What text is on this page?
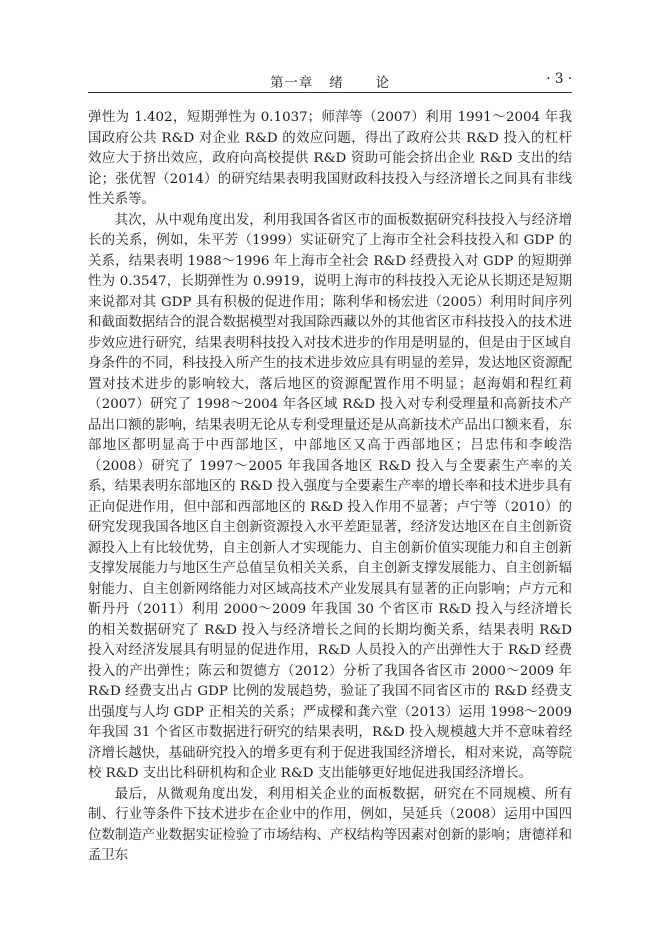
第一章   绪      论	· 3 ·

弹性为 1.402，短期弹性为 0.1037；师萍等（2007）利用 1991～2004 年我国政府公共 R&D 对企业 R&D 的效应问题，得出了政府公共 R&D 投入的杠杆效应大于挤出效应，政府向高校提供 R&D 资助可能会挤出企业 R&D 支出的结论；张优智（2014）的研究结果表明我国财政科技投入与经济增长之间具有非线性关系等。

其次，从中观角度出发，利用我国各省区市的面板数据研究科技投入与经济增长的关系，例如，朱平芳（1999）实证研究了上海市全社会科技投入和 GDP 的关系，结果表明 1988～1996 年上海市全社会 R&D 经费投入对 GDP 的短期弹性为 0.3547，长期弹性为 0.9919，说明上海市的科技投入无论从长期还是短期来说都对其 GDP 具有积极的促进作用；陈利华和杨宏进（2005）利用时间序列和截面数据结合的混合数据模型对我国除西藏以外的其他省区市科技投入的技术进步效应进行研究，结果表明科技投入对技术进步的作用是明显的，但是由于区域自身条件的不同，科技投入所产生的技术进步效应具有明显的差异，发达地区资源配置对技术进步的影响较大，落后地区的资源配置作用不明显；赵海娟和程红莉（2007）研究了 1998～2004 年各区域 R&D 投入对专利受理量和高新技术产品出口额的影响，结果表明无论从专利受理量还是从高新技术产品出口额来看，东部地区都明显高于中西部地区，中部地区又高于西部地区；吕忠伟和李峻浩（2008）研究了 1997～2005 年我国各地区 R&D 投入与全要素生产率的关系，结果表明东部地区的 R&D 投入强度与全要素生产率的增长率和技术进步具有正向促进作用，但中部和西部地区的 R&D 投入作用不显著；卢宁等（2010）的研究发现我国各地区自主创新资源投入水平差距显著，经济发达地区在自主创新资源投入上有比较优势，自主创新人才实现能力、自主创新价值实现能力和自主创新支撑发展能力与地区生产总值呈负相关关系，自主创新支撑发展能力、自主创新辐射能力、自主创新网络能力对区域高技术产业发展具有显著的正向影响；卢方元和靳丹丹（2011）利用 2000～2009 年我国 30 个省区市 R&D 投入与经济增长的相关数据研究了 R&D 投入与经济增长之间的长期均衡关系，结果表明 R&D 投入对经济发展具有明显的促进作用，R&D 人员投入的产出弹性大于 R&D 经费投入的产出弹性；陈云和贺德方（2012）分析了我国各省区市 2000～2009 年 R&D 经费支出占 GDP 比例的发展趋势，验证了我国不同省区市的 R&D 经费支出强度与人均 GDP 正相关的关系；严成樑和龚六堂（2013）运用 1998～2009 年我国 31 个省区市数据进行研究的结果表明，R&D 投入规模越大并不意味着经济增长越快，基础研究投入的增多更有利于促进我国经济增长，相对来说，高等院校 R&D 支出比科研机构和企业 R&D 支出能够更好地促进我国经济增长。

最后，从微观角度出发，利用相关企业的面板数据，研究在不同规模、所有制、行业等条件下技术进步在企业中的作用，例如，吴延兵（2008）运用中国四位数制造产业数据实证检验了市场结构、产权结构等因素对创新的影响；唐德祥和孟卫东
